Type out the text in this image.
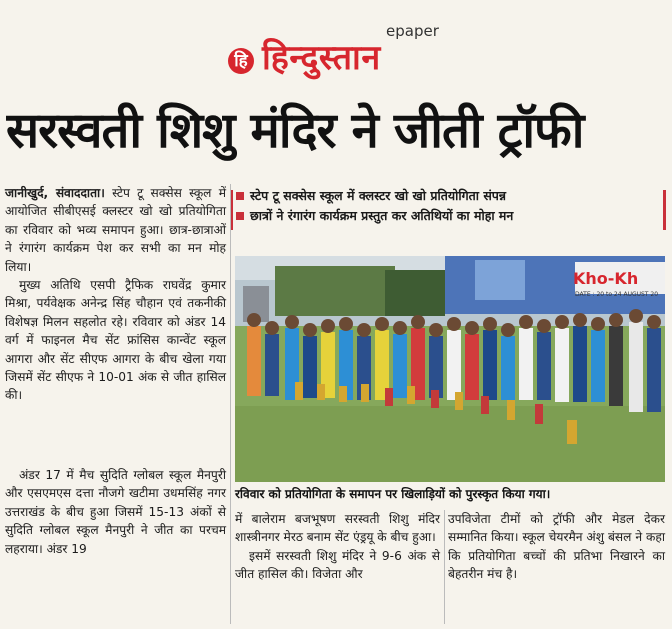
epaper
हि हिन्दुस्तान
सरस्वती शिशु मंदिर ने जीती ट्रॉफी

जानीखुर्द, संवाददाता। स्टेप टू सक्सेस स्कूल में आयोजित सीबीएसई क्लस्टर खो खो प्रतियोगिता का रविवार को भव्य समापन हुआ। छात्र-छात्राओं ने रंगारंग कार्यक्रम पेश कर सभी का मन मोह लिया।

मुख्य अतिथि एसपी ट्रैफिक राघवेंद्र कुमार मिश्रा, पर्यवेक्षक अनेन्द्र सिंह चौहान एवं तकनीकी विशेषज्ञ मिलन सहलोत रहे। रविवार को अंडर 14 वर्ग में फाइनल मैच सेंट फ्रांसिस कान्वेंट स्कूल आगरा और सेंट सीएफ आगरा के बीच खेला गया जिसमें सेंट सीएफ ने 10-01 अंक से जीत हासिल की।

अंडर 17 में मैच सुदिति ग्लोबल स्कूल मैनपुरी और एसएमएस दत्ता नौजगे खटीमा उधमसिंह नगर उत्तराखंड के बीच हुआ जिसमें 15-13 अंकों से सुदिति ग्लोबल स्कूल मैनपुरी ने जीत का परचम लहराया। अंडर 19

स्टेप टू सक्सेस स्कूल में क्लस्टर खो खो प्रतियोगिता संपन्न
छात्रों ने रंगारंग कार्यक्रम प्रस्तुत कर अतिथियों का मोहा मन
Kho-Kh
DATE : 20 to 24 AUGUST 20
रविवार को प्रतियोगिता के समापन पर खिलाड़ियों को पुरस्कृत किया गया।

में बालेराम बजभूषण सरस्वती शिशु मंदिर शास्त्रीनगर मेरठ बनाम सेंट एंड्रयू के बीच हुआ।

इसमें सरस्वती शिशु मंदिर ने 9-6 अंक से जीत हासिल की। विजेता और

उपविजेता टीमों को ट्रॉफी और मेडल देकर सम्मानित किया। स्कूल चेयरमैन अंशु बंसल ने कहा कि प्रतियोगिता बच्चों की प्रतिभा निखारने का बेहतरीन मंच है।
